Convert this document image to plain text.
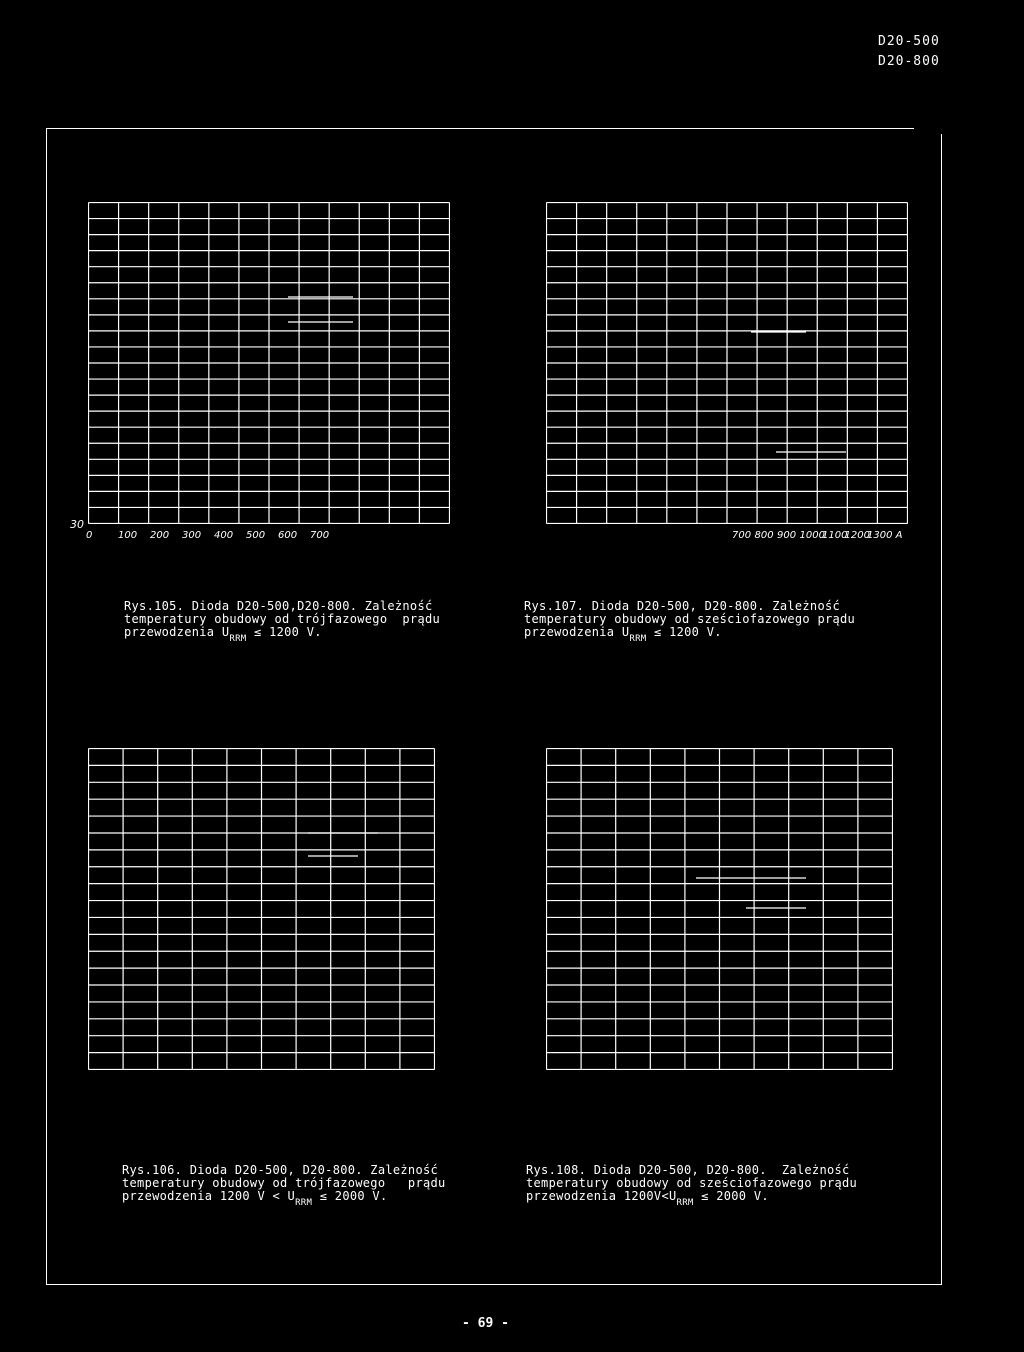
D20-500
D20-800
30
0	100 200 300 400 500 600 700	700 800 900 1000
1100
1200
1300 A
Rys.105. Dioda D20-500,D20-800. Zależność
temperatury obudowy od trójfazowego  prądu
przewodzenia $U_{RRM} \le 1200$ V.
Rys.107. Dioda D20-500, D20-800. Zależność
temperatury obudowy od sześciofazowego prądu
przewodzenia $U_{RRM} \le 1200$ V.
Rys.106. Dioda D20-500, D20-800. Zależność
temperatury obudowy od trójfazowego   prądu
przewodzenia 1200 $V < U_{RRM} \le 2000$ V.
Rys.108. Dioda D20-500, D20-800.  Zależność
temperatury obudowy od sześciofazowego prądu
przewodzenia $1200V<U_{RRM} \le 2000$ V.
- 69 -
